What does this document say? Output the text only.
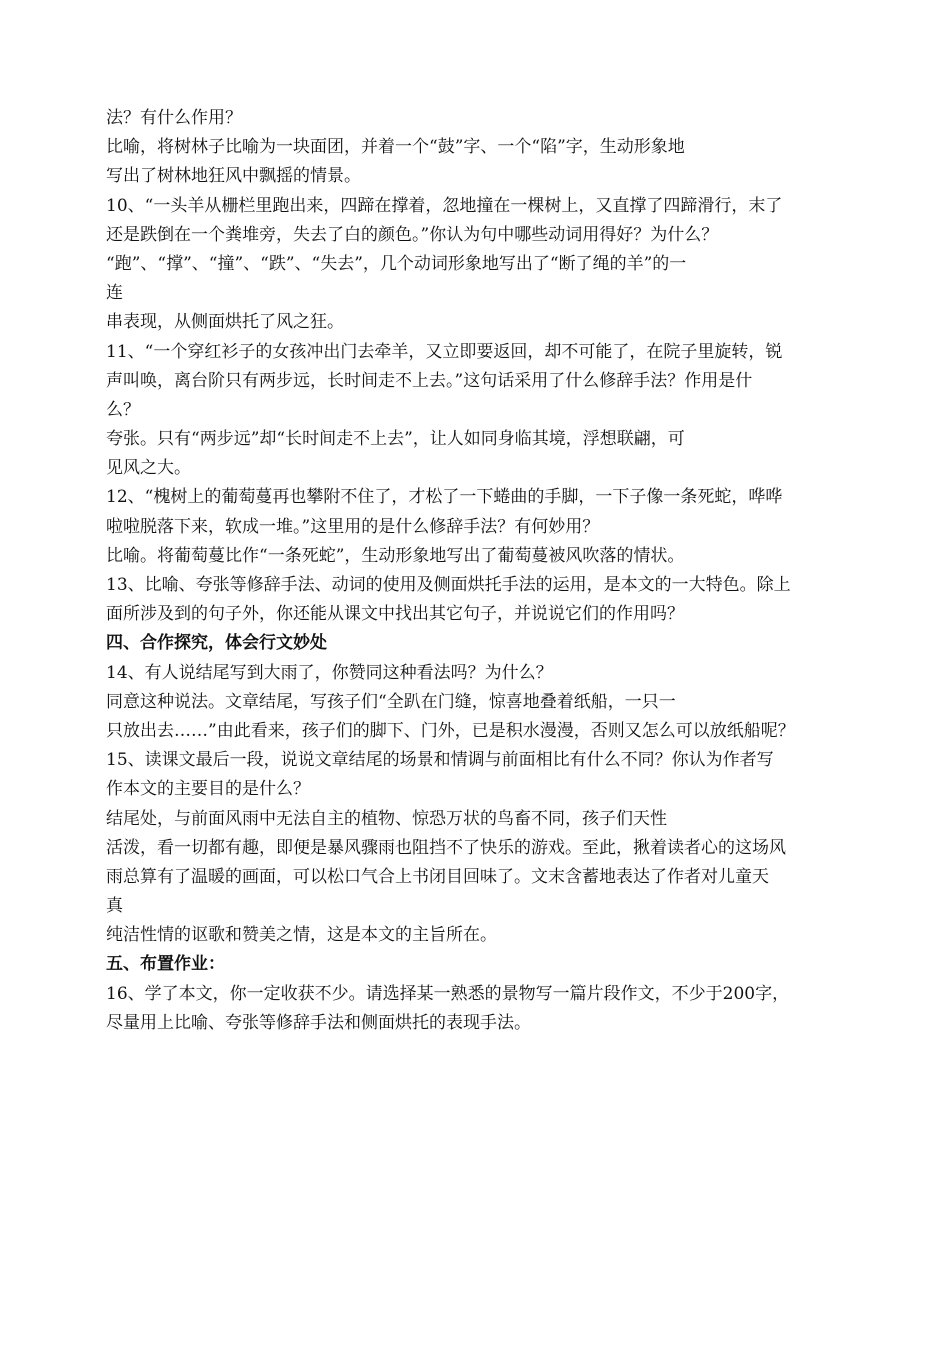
法？有什么作用？
比喻，将树林子比喻为一块面团，并着一个“鼓”字、一个“陷”字，生动形象地
写出了树林地狂风中飘摇的情景。
10、“一头羊从栅栏里跑出来，四蹄在撑着，忽地撞在一棵树上，又直撑了四蹄滑行，末了
还是跌倒在一个粪堆旁，失去了白的颜色。”你认为句中哪些动词用得好？为什么？
“跑”、“撑”、“撞”、“跌”、“失去”，几个动词形象地写出了“断了绳的羊”的一
连
串表现，从侧面烘托了风之狂。
11、“一个穿红衫子的女孩冲出门去牵羊，又立即要返回，却不可能了，在院子里旋转，锐
声叫唤，离台阶只有两步远，长时间走不上去。”这句话采用了什么修辞手法？作用是什
么？
夸张。只有“两步远”却“长时间走不上去”，让人如同身临其境，浮想联翩，可
见风之大。
12、“槐树上的葡萄蔓再也攀附不住了，才松了一下蜷曲的手脚，一下子像一条死蛇，哗哗
啦啦脱落下来，软成一堆。”这里用的是什么修辞手法？有何妙用？
比喻。将葡萄蔓比作“一条死蛇”，生动形象地写出了葡萄蔓被风吹落的情状。
13、比喻、夸张等修辞手法、动词的使用及侧面烘托手法的运用，是本文的一大特色。除上
面所涉及到的句子外，你还能从课文中找出其它句子，并说说它们的作用吗？
四、合作探究，体会行文妙处
14、有人说结尾写到大雨了，你赞同这种看法吗？为什么？
同意这种说法。文章结尾，写孩子们“全趴在门缝，惊喜地叠着纸船，一只一
只放出去……”由此看来，孩子们的脚下、门外，已是积水漫漫，否则又怎么可以放纸船呢？
15、读课文最后一段，说说文章结尾的场景和情调与前面相比有什么不同？你认为作者写
作本文的主要目的是什么？
结尾处，与前面风雨中无法自主的植物、惊恐万状的鸟畜不同，孩子们天性
活泼，看一切都有趣，即便是暴风骤雨也阻挡不了快乐的游戏。至此，揪着读者心的这场风
雨总算有了温暖的画面，可以松口气合上书闭目回味了。文末含蓄地表达了作者对儿童天
真
纯洁性情的讴歌和赞美之情，这是本文的主旨所在。
五、布置作业：
16、学了本文，你一定收获不少。请选择某一熟悉的景物写一篇片段作文，不少于200字，
尽量用上比喻、夸张等修辞手法和侧面烘托的表现手法。
